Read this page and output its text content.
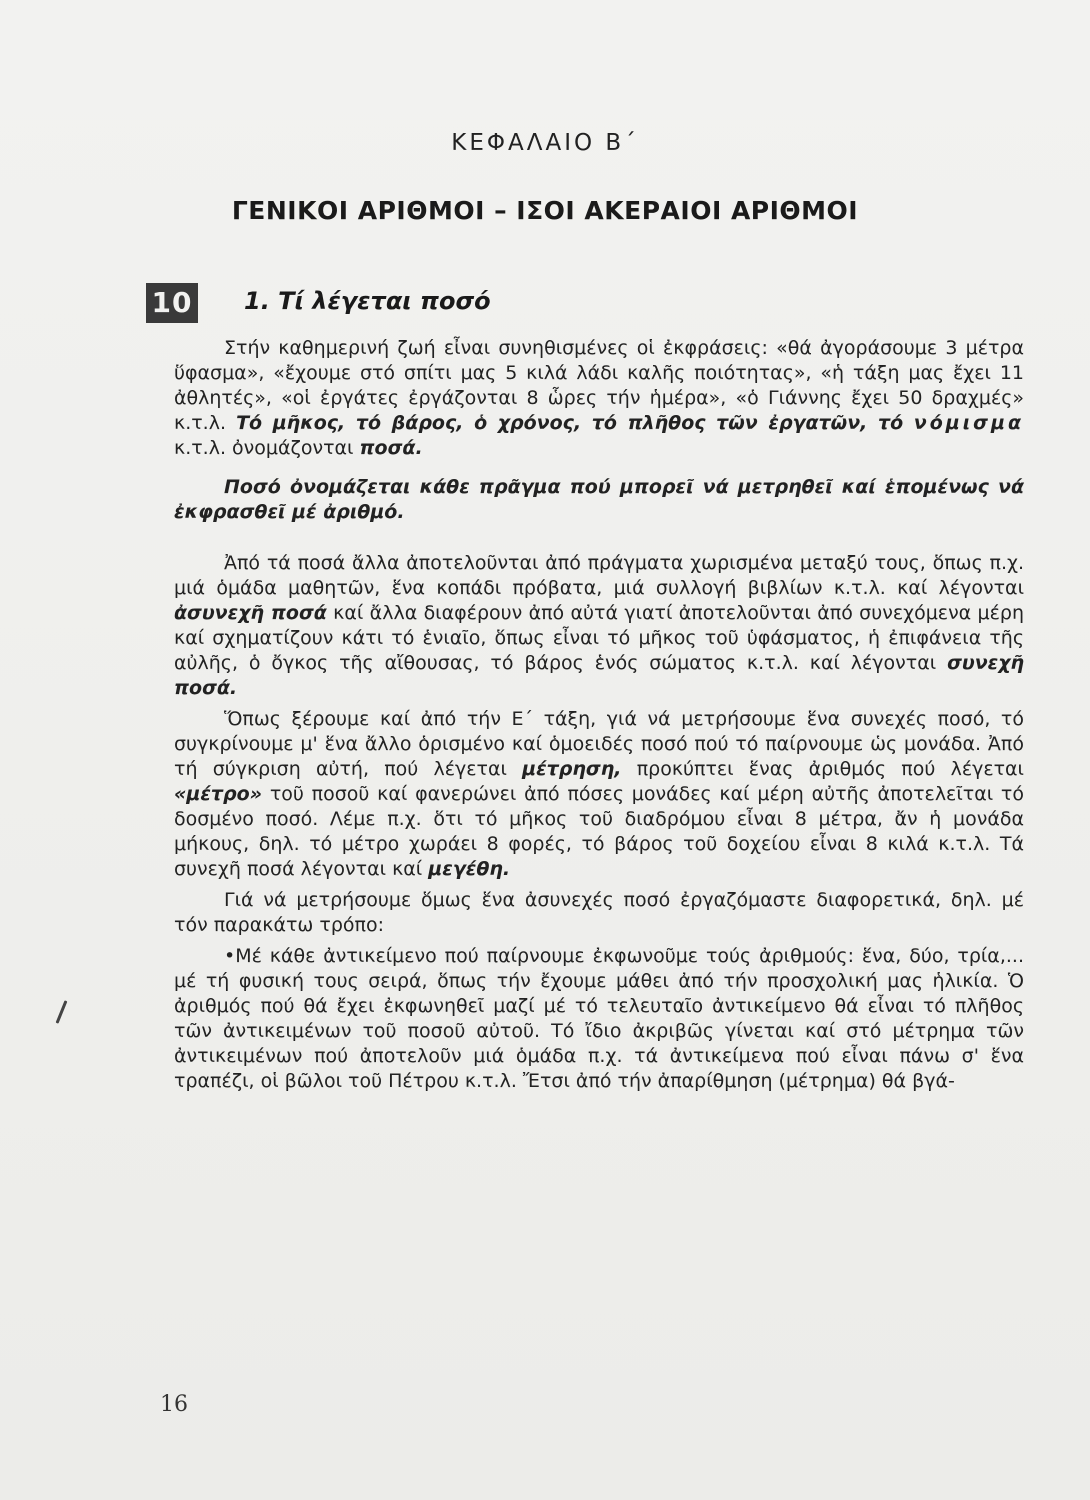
ΚΕΦΑΛΑΙΟ Β΄
ΓΕΝΙΚΟΙ ΑΡΙΘΜΟΙ – ΙΣΟΙ ΑΚΕΡΑΙΟΙ ΑΡΙΘΜΟΙ
10 1. Τί λέγεται ποσό

Στήν καθημερινή ζωή εἶναι συνηθισμένες οἱ ἐκφράσεις: «θά ἀγοράσουμε 3 μέτρα ὕφασμα», «ἔχουμε στό σπίτι μας 5 κιλά λάδι καλῆς ποιότητας», «ἡ τάξη μας ἔχει 11 ἀθλητές», «οἱ ἐργάτες ἐργάζονται 8 ὧρες τήν ἡμέρα», «ὁ Γιάννης ἔχει 50 δραχμές» κ.τ.λ. Τό μῆκος, τό βάρος, ὁ χρόνος, τό πλῆθος τῶν ἐργατῶν, τό νόμισμα κ.τ.λ. ὀνομάζονται ποσά.

Ποσό ὀνομάζεται κάθε πρᾶγμα πού μπορεῖ νά μετρηθεῖ καί ἑπομένως νά ἐκφρασθεῖ μέ ἀριθμό.

Ἀπό τά ποσά ἄλλα ἀποτελοῦνται ἀπό πράγματα χωρισμένα μεταξύ τους, ὅπως π.χ. μιά ὁμάδα μαθητῶν, ἕνα κοπάδι πρόβατα, μιά συλλογή βιβλίων κ.τ.λ. καί λέγονται ἀσυνεχῆ ποσά καί ἄλλα διαφέρουν ἀπό αὐτά γιατί ἀποτελοῦνται ἀπό συνεχόμενα μέρη καί σχηματίζουν κάτι τό ἑνιαῖο, ὅπως εἶναι τό μῆκος τοῦ ὑφάσματος, ἡ ἐπιφάνεια τῆς αὐλῆς, ὁ ὄγκος τῆς αἴθουσας, τό βάρος ἑνός σώματος κ.τ.λ. καί λέγονται συνεχῆ ποσά.

Ὅπως ξέρουμε καί ἀπό τήν Ε΄ τάξη, γιά νά μετρήσουμε ἕνα συνεχές ποσό, τό συγκρίνουμε μ' ἕνα ἄλλο ὁρισμένο καί ὁμοειδές ποσό πού τό παίρνουμε ὡς μονάδα. Ἀπό τή σύγκριση αὐτή, πού λέγεται μέτρηση, προκύπτει ἕνας ἀριθμός πού λέγεται «μέτρο» τοῦ ποσοῦ καί φανερώνει ἀπό πόσες μονάδες καί μέρη αὐτῆς ἀποτελεῖται τό δοσμένο ποσό. Λέμε π.χ. ὅτι τό μῆκος τοῦ διαδρόμου εἶναι 8 μέτρα, ἄν ἡ μονάδα μήκους, δηλ. τό μέτρο χωράει 8 φορές, τό βάρος τοῦ δοχείου εἶναι 8 κιλά κ.τ.λ. Τά συνεχῆ ποσά λέγονται καί μεγέθη.

Γιά νά μετρήσουμε ὅμως ἕνα ἀσυνεχές ποσό ἐργαζόμαστε διαφορετικά, δηλ. μέ τόν παρακάτω τρόπο:

•Μέ κάθε ἀντικείμενο πού παίρνουμε ἐκφωνοῦμε τούς ἀριθμούς: ἕνα, δύο, τρία,... μέ τή φυσική τους σειρά, ὅπως τήν ἔχουμε μάθει ἀπό τήν προσχολική μας ἡλικία. Ὁ ἀριθμός πού θά ἔχει ἐκφωνηθεῖ μαζί μέ τό τελευταῖο ἀντικείμενο θά εἶναι τό πλῆθος τῶν ἀντικειμένων τοῦ ποσοῦ αὐτοῦ. Τό ἴδιο ἀκριβῶς γίνεται καί στό μέτρημα τῶν ἀντικειμένων πού ἀποτελοῦν μιά ὁμάδα π.χ. τά ἀντικείμενα πού εἶναι πάνω σ' ἕνα τραπέζι, οἱ βῶλοι τοῦ Πέτρου κ.τ.λ. Ἔτσι ἀπό τήν ἀπαρίθμηση (μέτρημα) θά βγά-

16
